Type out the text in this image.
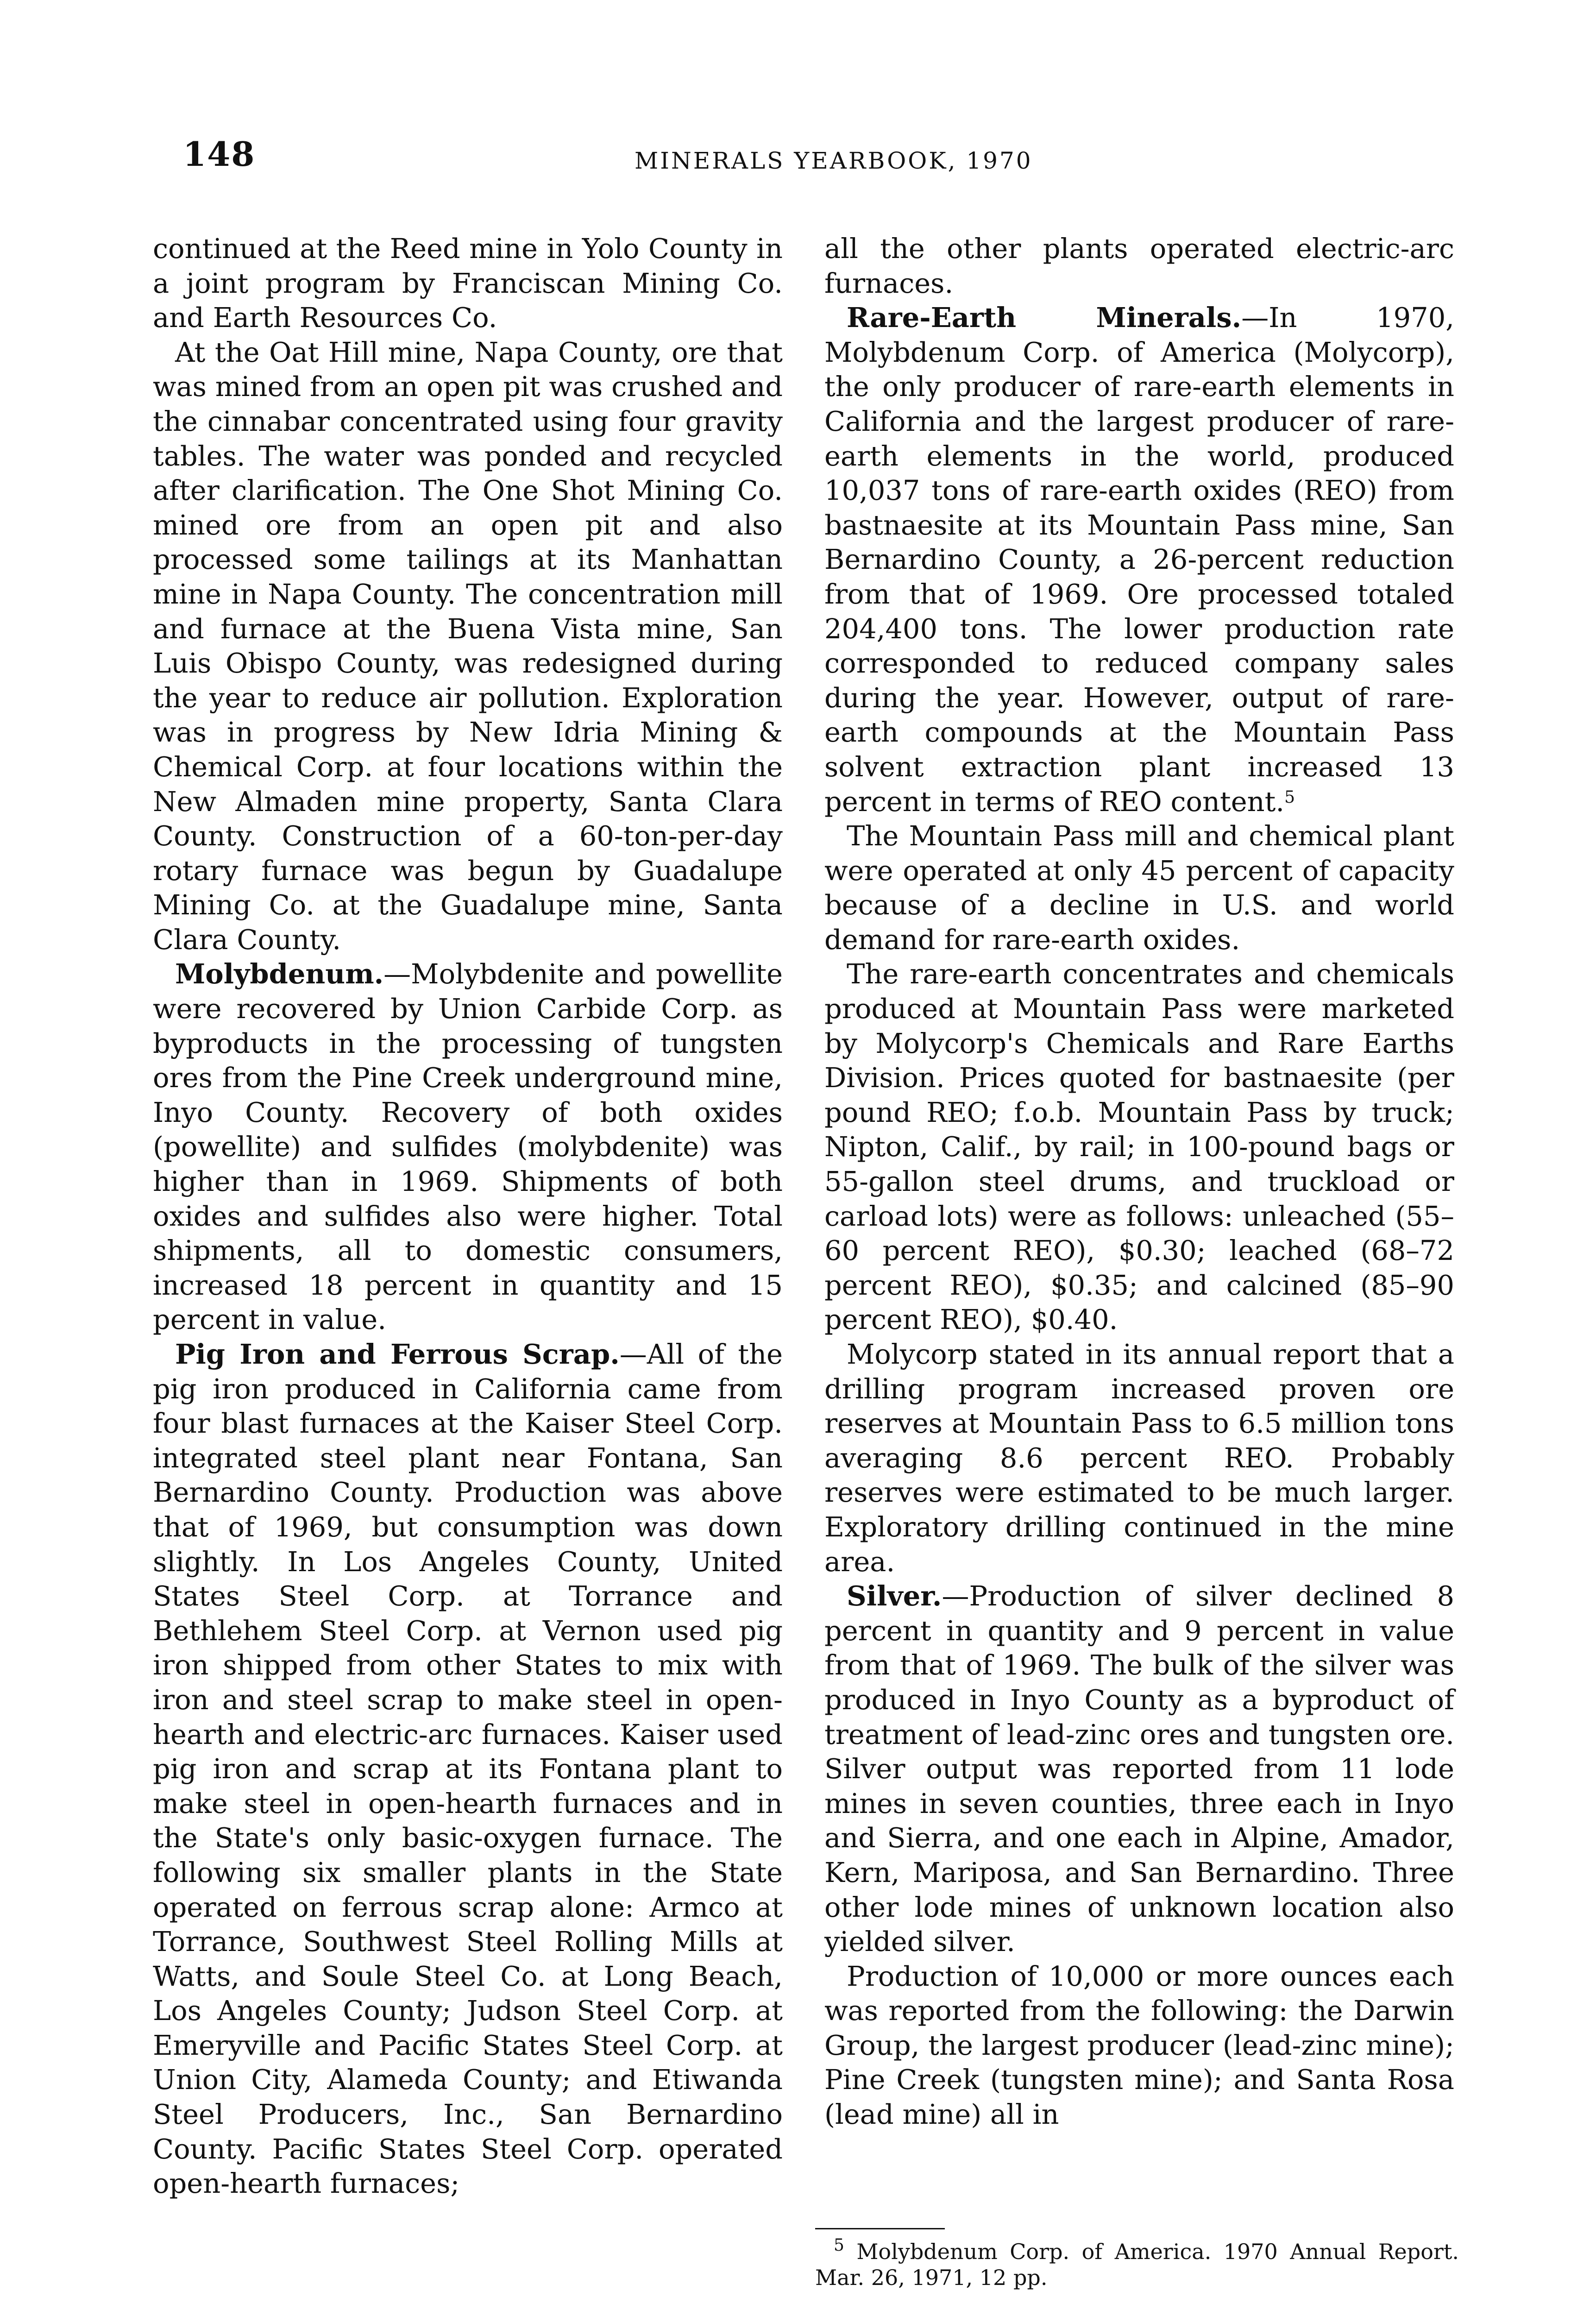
148	MINERALS YEARBOOK, 1970

continued at the Reed mine in Yolo County in a joint program by Franciscan Mining Co. and Earth Resources Co.

At the Oat Hill mine, Napa County, ore that was mined from an open pit was crushed and the cinnabar concentrated using four gravity tables. The water was ponded and recycled after clarification. The One Shot Mining Co. mined ore from an open pit and also processed some tailings at its Manhattan mine in Napa County. The concentration mill and furnace at the Buena Vista mine, San Luis Obispo County, was redesigned during the year to reduce air pollution. Exploration was in progress by New Idria Mining & Chemical Corp. at four locations within the New Almaden mine property, Santa Clara County. Construction of a 60-ton-per-day rotary furnace was begun by Guadalupe Mining Co. at the Guadalupe mine, Santa Clara County.

Molybdenum.—Molybdenite and powellite were recovered by Union Carbide Corp. as byproducts in the processing of tungsten ores from the Pine Creek underground mine, Inyo County. Recovery of both oxides (powellite) and sulfides (molybdenite) was higher than in 1969. Shipments of both oxides and sulfides also were higher. Total shipments, all to domestic consumers, increased 18 percent in quantity and 15 percent in value.

Pig Iron and Ferrous Scrap.—All of the pig iron produced in California came from four blast furnaces at the Kaiser Steel Corp. integrated steel plant near Fontana, San Bernardino County. Production was above that of 1969, but consumption was down slightly. In Los Angeles County, United States Steel Corp. at Torrance and Bethlehem Steel Corp. at Vernon used pig iron shipped from other States to mix with iron and steel scrap to make steel in open-hearth and electric-arc furnaces. Kaiser used pig iron and scrap at its Fontana plant to make steel in open-hearth furnaces and in the State's only basic-oxygen furnace. The following six smaller plants in the State operated on ferrous scrap alone: Armco at Torrance, Southwest Steel Rolling Mills at Watts, and Soule Steel Co. at Long Beach, Los Angeles County; Judson Steel Corp. at Emeryville and Pacific States Steel Corp. at Union City, Alameda County; and Etiwanda Steel Producers, Inc., San Bernardino County. Pacific States Steel Corp. operated open-hearth furnaces;

all the other plants operated electric-arc furnaces.

Rare-Earth Minerals.—In 1970, Molybdenum Corp. of America (Molycorp), the only producer of rare-earth elements in California and the largest producer of rare-earth elements in the world, produced 10,037 tons of rare-earth oxides (REO) from bastnaesite at its Mountain Pass mine, San Bernardino County, a 26-percent reduction from that of 1969. Ore processed totaled 204,400 tons. The lower production rate corresponded to reduced company sales during the year. However, output of rare-earth compounds at the Mountain Pass solvent extraction plant increased 13 percent in terms of REO content.$^5$

The Mountain Pass mill and chemical plant were operated at only 45 percent of capacity because of a decline in U.S. and world demand for rare-earth oxides.

The rare-earth concentrates and chemicals produced at Mountain Pass were marketed by Molycorp's Chemicals and Rare Earths Division. Prices quoted for bastnaesite (per pound REO; f.o.b. Mountain Pass by truck; Nipton, Calif., by rail; in 100-pound bags or 55-gallon steel drums, and truckload or carload lots) were as follows: unleached (55–60 percent REO), $0.30; leached (68–72 percent REO), $0.35; and calcined (85–90 percent REO), $0.40.

Molycorp stated in its annual report that a drilling program increased proven ore reserves at Mountain Pass to 6.5 million tons averaging 8.6 percent REO. Probably reserves were estimated to be much larger. Exploratory drilling continued in the mine area.

Silver.—Production of silver declined 8 percent in quantity and 9 percent in value from that of 1969. The bulk of the silver was produced in Inyo County as a byproduct of treatment of lead-zinc ores and tungsten ore. Silver output was reported from 11 lode mines in seven counties, three each in Inyo and Sierra, and one each in Alpine, Amador, Kern, Mariposa, and San Bernardino. Three other lode mines of unknown location also yielded silver.

Production of 10,000 or more ounces each was reported from the following: the Darwin Group, the largest producer (lead-zinc mine); Pine Creek (tungsten mine); and Santa Rosa (lead mine) all in

$^5$ Molybdenum Corp. of America. 1970 Annual Report. Mar. 26, 1971, 12 pp.
